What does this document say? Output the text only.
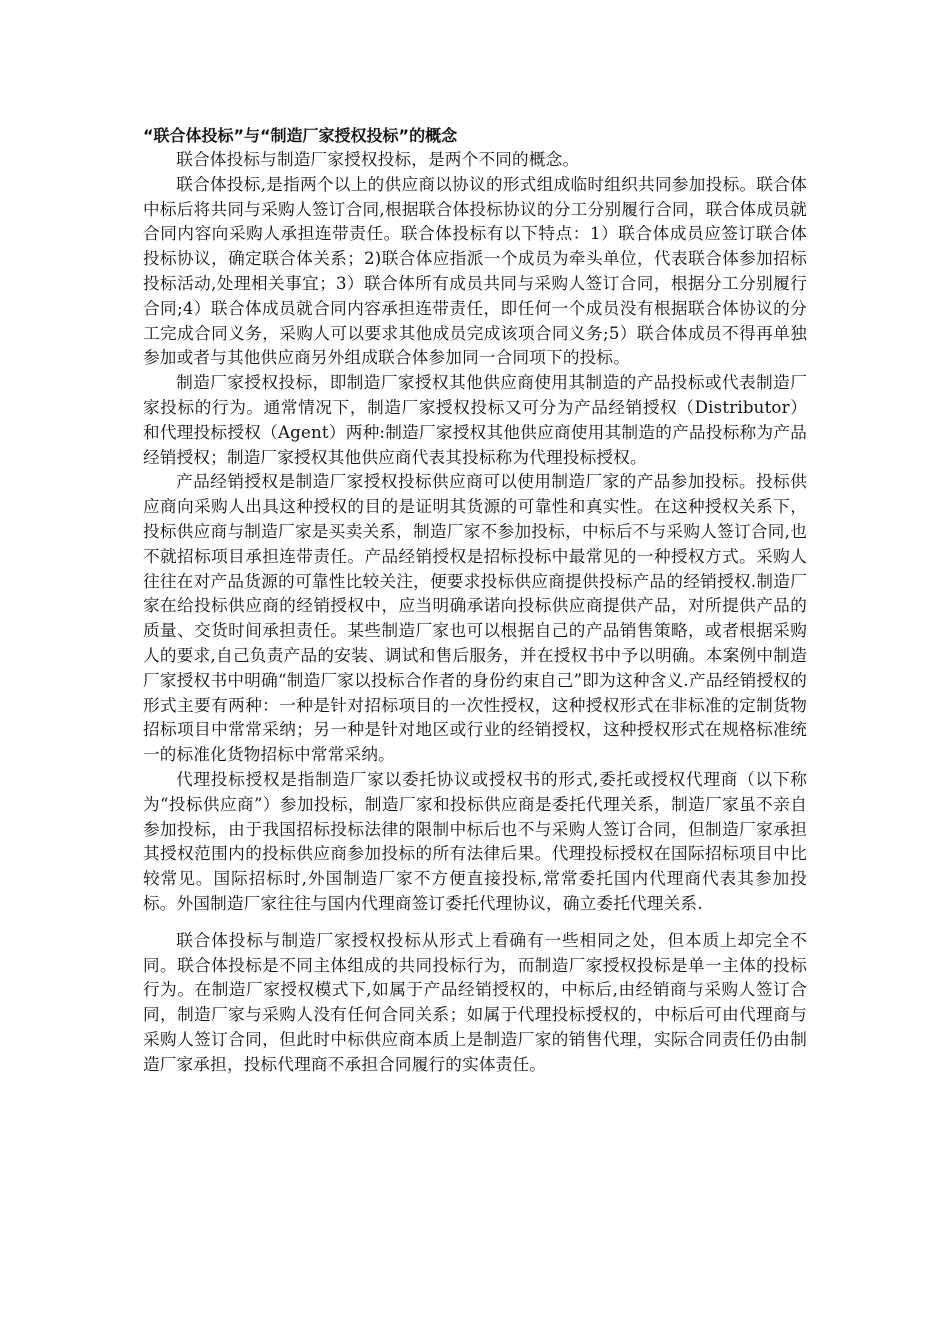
“联合体投标”与“制造厂家授权投标”的概念

联合体投标与制造厂家授权投标，是两个不同的概念。

联合体投标,是指两个以上的供应商以协议的形式组成临时组织共同参加投标。联合体中标后将共同与采购人签订合同,根据联合体投标协议的分工分别履行合同，联合体成员就合同内容向采购人承担连带责任。联合体投标有以下特点：1）联合体成员应签订联合体投标协议，确定联合体关系；2)联合体应指派一个成员为牵头单位，代表联合体参加招标投标活动,处理相关事宜；3）联合体所有成员共同与采购人签订合同，根据分工分别履行合同;4）联合体成员就合同内容承担连带责任，即任何一个成员没有根据联合体协议的分工完成合同义务，采购人可以要求其他成员完成该项合同义务;5）联合体成员不得再单独参加或者与其他供应商另外组成联合体参加同一合同项下的投标。

制造厂家授权投标，即制造厂家授权其他供应商使用其制造的产品投标或代表制造厂家投标的行为。通常情况下，制造厂家授权投标又可分为产品经销授权（Distributor）和代理投标授权（Agent）两种:制造厂家授权其他供应商使用其制造的产品投标称为产品经销授权；制造厂家授权其他供应商代表其投标称为代理投标授权。

产品经销授权是制造厂家授权投标供应商可以使用制造厂家的产品参加投标。投标供应商向采购人出具这种授权的目的是证明其货源的可靠性和真实性。在这种授权关系下，投标供应商与制造厂家是买卖关系，制造厂家不参加投标，中标后不与采购人签订合同,也不就招标项目承担连带责任。产品经销授权是招标投标中最常见的一种授权方式。采购人往往在对产品货源的可靠性比较关注，便要求投标供应商提供投标产品的经销授权.制造厂家在给投标供应商的经销授权中，应当明确承诺向投标供应商提供产品，对所提供产品的质量、交货时间承担责任。某些制造厂家也可以根据自己的产品销售策略，或者根据采购人的要求,自己负责产品的安装、调试和售后服务，并在授权书中予以明确。本案例中制造厂家授权书中明确“制造厂家以投标合作者的身份约束自己”即为这种含义.产品经销授权的形式主要有两种：一种是针对招标项目的一次性授权，这种授权形式在非标准的定制货物招标项目中常常采纳；另一种是针对地区或行业的经销授权，这种授权形式在规格标准统一的标准化货物招标中常常采纳。

代理投标授权是指制造厂家以委托协议或授权书的形式,委托或授权代理商（以下称为“投标供应商”）参加投标，制造厂家和投标供应商是委托代理关系，制造厂家虽不亲自参加投标，由于我国招标投标法律的限制中标后也不与采购人签订合同，但制造厂家承担其授权范围内的投标供应商参加投标的所有法律后果。代理投标授权在国际招标项目中比较常见。国际招标时,外国制造厂家不方便直接投标,常常委托国内代理商代表其参加投标。外国制造厂家往往与国内代理商签订委托代理协议，确立委托代理关系.

联合体投标与制造厂家授权投标从形式上看确有一些相同之处，但本质上却完全不同。联合体投标是不同主体组成的共同投标行为，而制造厂家授权投标是单一主体的投标行为。在制造厂家授权模式下,如属于产品经销授权的，中标后,由经销商与采购人签订合同，制造厂家与采购人没有任何合同关系；如属于代理投标授权的，中标后可由代理商与采购人签订合同，但此时中标供应商本质上是制造厂家的销售代理，实际合同责任仍由制造厂家承担，投标代理商不承担合同履行的实体责任。
